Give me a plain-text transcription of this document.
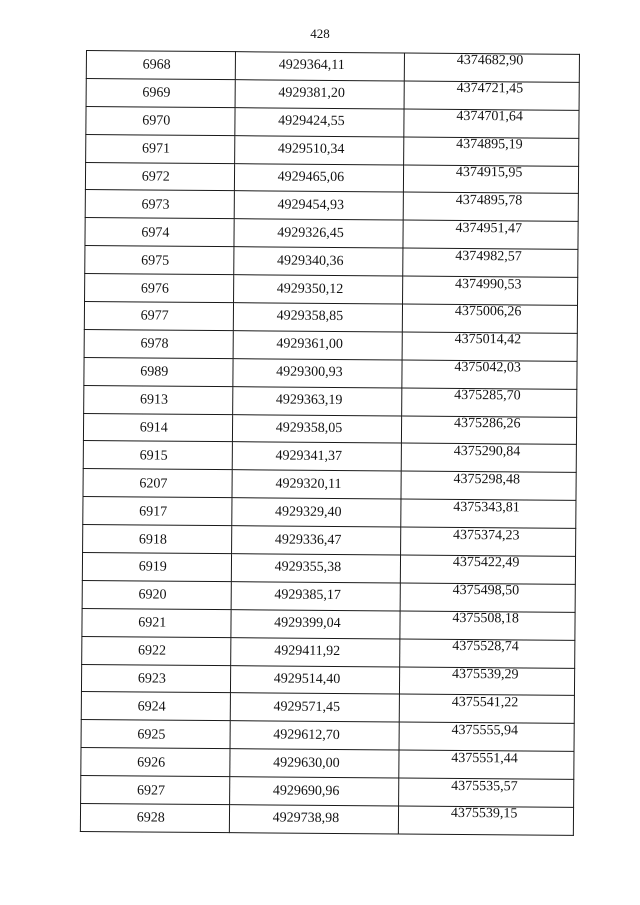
428
6968	4929364,11	4374682,90
6969	4929381,20	4374721,45
6970	4929424,55	4374701,64
6971	4929510,34	4374895,19
6972	4929465,06	4374915,95
6973	4929454,93	4374895,78
6974	4929326,45	4374951,47
6975	4929340,36	4374982,57
6976	4929350,12	4374990,53
6977	4929358,85	4375006,26
6978	4929361,00	4375014,42
6989	4929300,93	4375042,03
6913	4929363,19	4375285,70
6914	4929358,05	4375286,26
6915	4929341,37	4375290,84
6207	4929320,11	4375298,48
6917	4929329,40	4375343,81
6918	4929336,47	4375374,23
6919	4929355,38	4375422,49
6920	4929385,17	4375498,50
6921	4929399,04	4375508,18
6922	4929411,92	4375528,74
6923	4929514,40	4375539,29
6924	4929571,45	4375541,22
6925	4929612,70	4375555,94
6926	4929630,00	4375551,44
6927	4929690,96	4375535,57
6928	4929738,98	4375539,15
